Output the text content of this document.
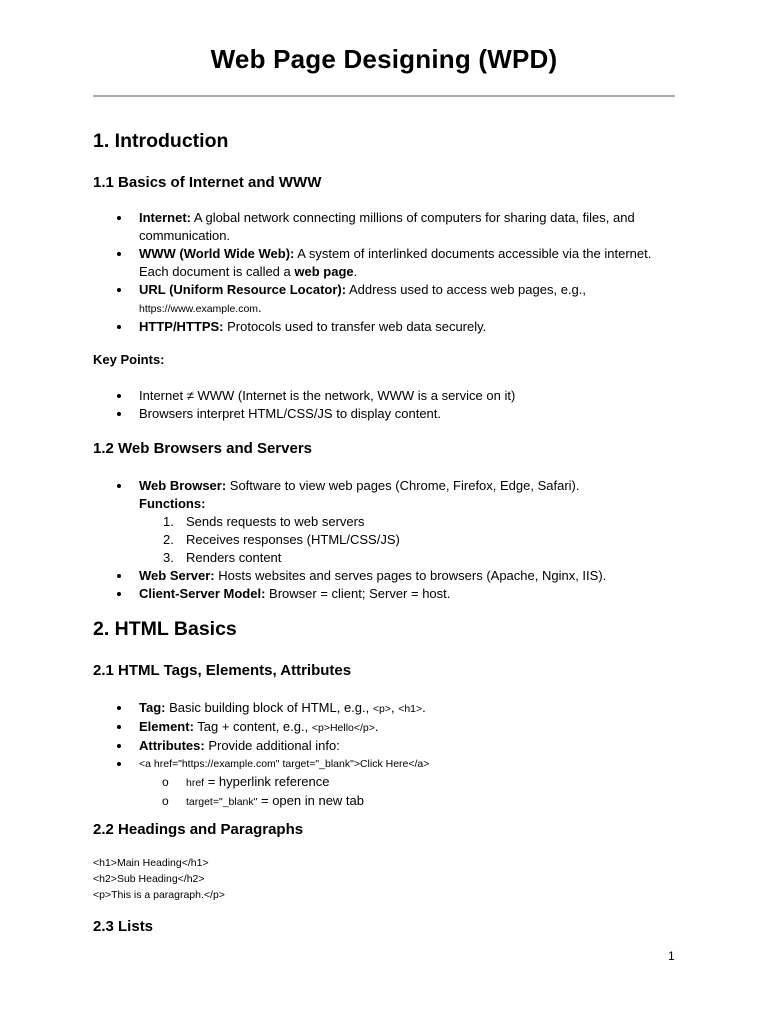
Web Page Designing (WPD)
1. Introduction
1.1 Basics of Internet and WWW
Internet: A global network connecting millions of computers for sharing data, files, and communication.
WWW (World Wide Web): A system of interlinked documents accessible via the internet. Each document is called a web page.
URL (Uniform Resource Locator): Address used to access web pages, e.g.,
https://www.example.com.
HTTP/HTTPS: Protocols used to transfer web data securely.
Key Points:
Internet ≠ WWW (Internet is the network, WWW is a service on it)
Browsers interpret HTML/CSS/JS to display content.
1.2 Web Browsers and Servers
Web Browser: Software to view web pages (Chrome, Firefox, Edge, Safari).
Functions:
1. Sends requests to web servers
2. Receives responses (HTML/CSS/JS)
3. Renders content
Web Server: Hosts websites and serves pages to browsers (Apache, Nginx, IIS).
Client-Server Model: Browser = client; Server = host.
2. HTML Basics
2.1 HTML Tags, Elements, Attributes
Tag: Basic building block of HTML, e.g., <p>, <h1>.
Element: Tag + content, e.g., <p>Hello</p>.
Attributes: Provide additional info:
<a href="https://example.com" target="_blank">Click Here</a>
o href = hyperlink reference
o target="_blank" = open in new tab
2.2 Headings and Paragraphs
<h1>Main Heading</h1>
<h2>Sub Heading</h2>
<p>This is a paragraph.</p>
2.3 Lists
1
